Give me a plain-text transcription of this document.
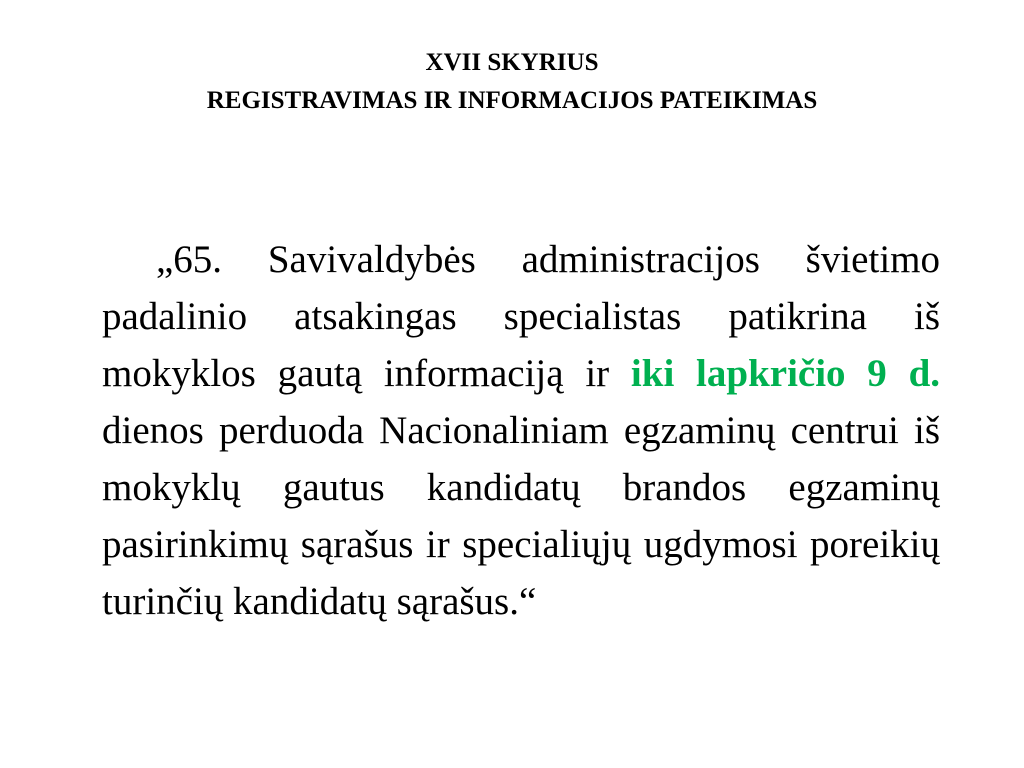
XVII SKYRIUS
REGISTRAVIMAS IR INFORMACIJOS PATEIKIMAS

„65. Savivaldybės administracijos švietimo padalinio atsakingas specialistas patikrina iš mokyklos gautą informaciją ir iki lapkričio 9 d. dienos perduoda Nacionaliniam egzaminų centrui iš mokyklų gautus kandidatų brandos egzaminų pasirinkimų sąrašus ir specialiųjų ugdymosi poreikių turinčių kandidatų sąrašus.“
